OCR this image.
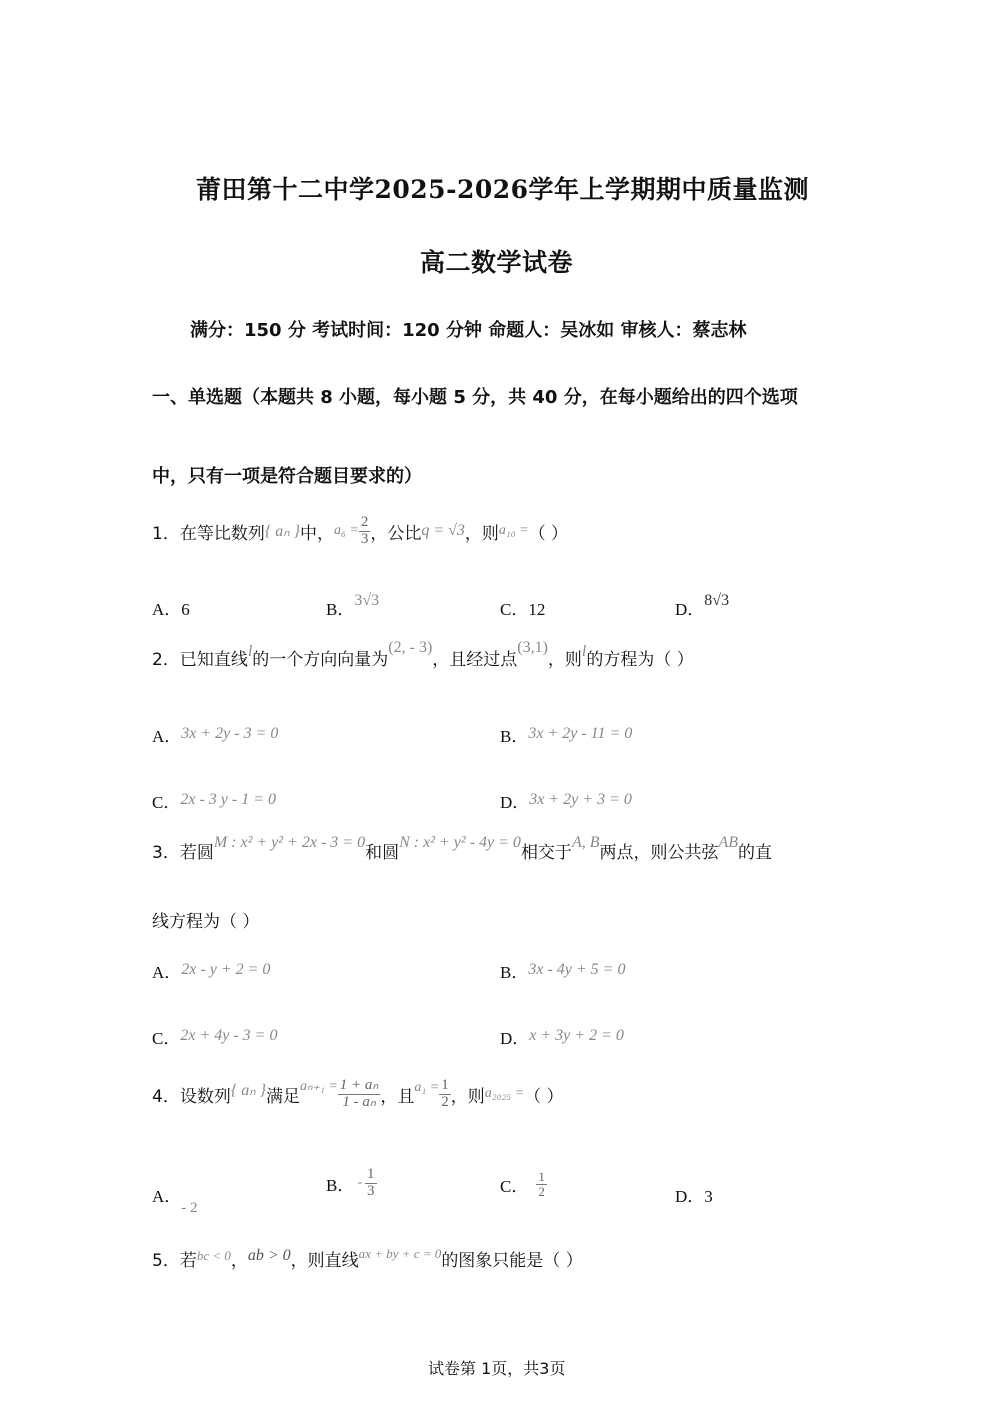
莆田第十二中学2025-2026学年上学期期中质量监测
高二数学试卷
满分：150 分 考试时间：120 分钟 命题人：吴冰如 审核人：蔡志林
一、单选题（本题共 8 小题，每小题 5 分，共 40 分，在每小题给出的四个选项
中，只有一项是符合题目要求的）
1．在等比数列 { aₙ } 中， $a_6 = \frac{2}{3}$ ，公比 q = √3 ，则 a₁₀ = （ ）
A．6	B．3√3	C．12	D．8√3
2．已知直线 l 的一个方向向量为
(2, - 3)
，且经过点
(3,1)
，则 l 的方程为（ ）
A．3x + 2y - 3 = 0	B．3x + 2y - 11 = 0
C．2x - 3 y - 1 = 0	D．3x + 2y + 3 = 0
3．若圆
M : x² + y² + 2x - 3 = 0
和圆
N : x² + y² - 4y = 0
相交于
A, B
两点，则公共弦
AB
的直
线方程为（ ）
A．2x - y + 2 = 0	B．3x - 4y + 5 = 0
C．2x + 4y - 3 = 0	D．x + 3y + 2 = 0
4．设数列 { aₙ } 满足
$a_{n+1} = \frac{\text{1 + aₙ}}{\text{1 - aₙ}}$ ，且 $a_1 = \frac{1}{2}$ ，则 a₂₀₂₅ = （ ）
A．- 2
B． - $\frac{1}{3}$	C． $\frac{1}{2}$	D．3
5．若 bc < 0 ， ab > 0 ，则直线 ax + by + c = 0 的图象只能是（ ）
试卷第 1页，共3页
